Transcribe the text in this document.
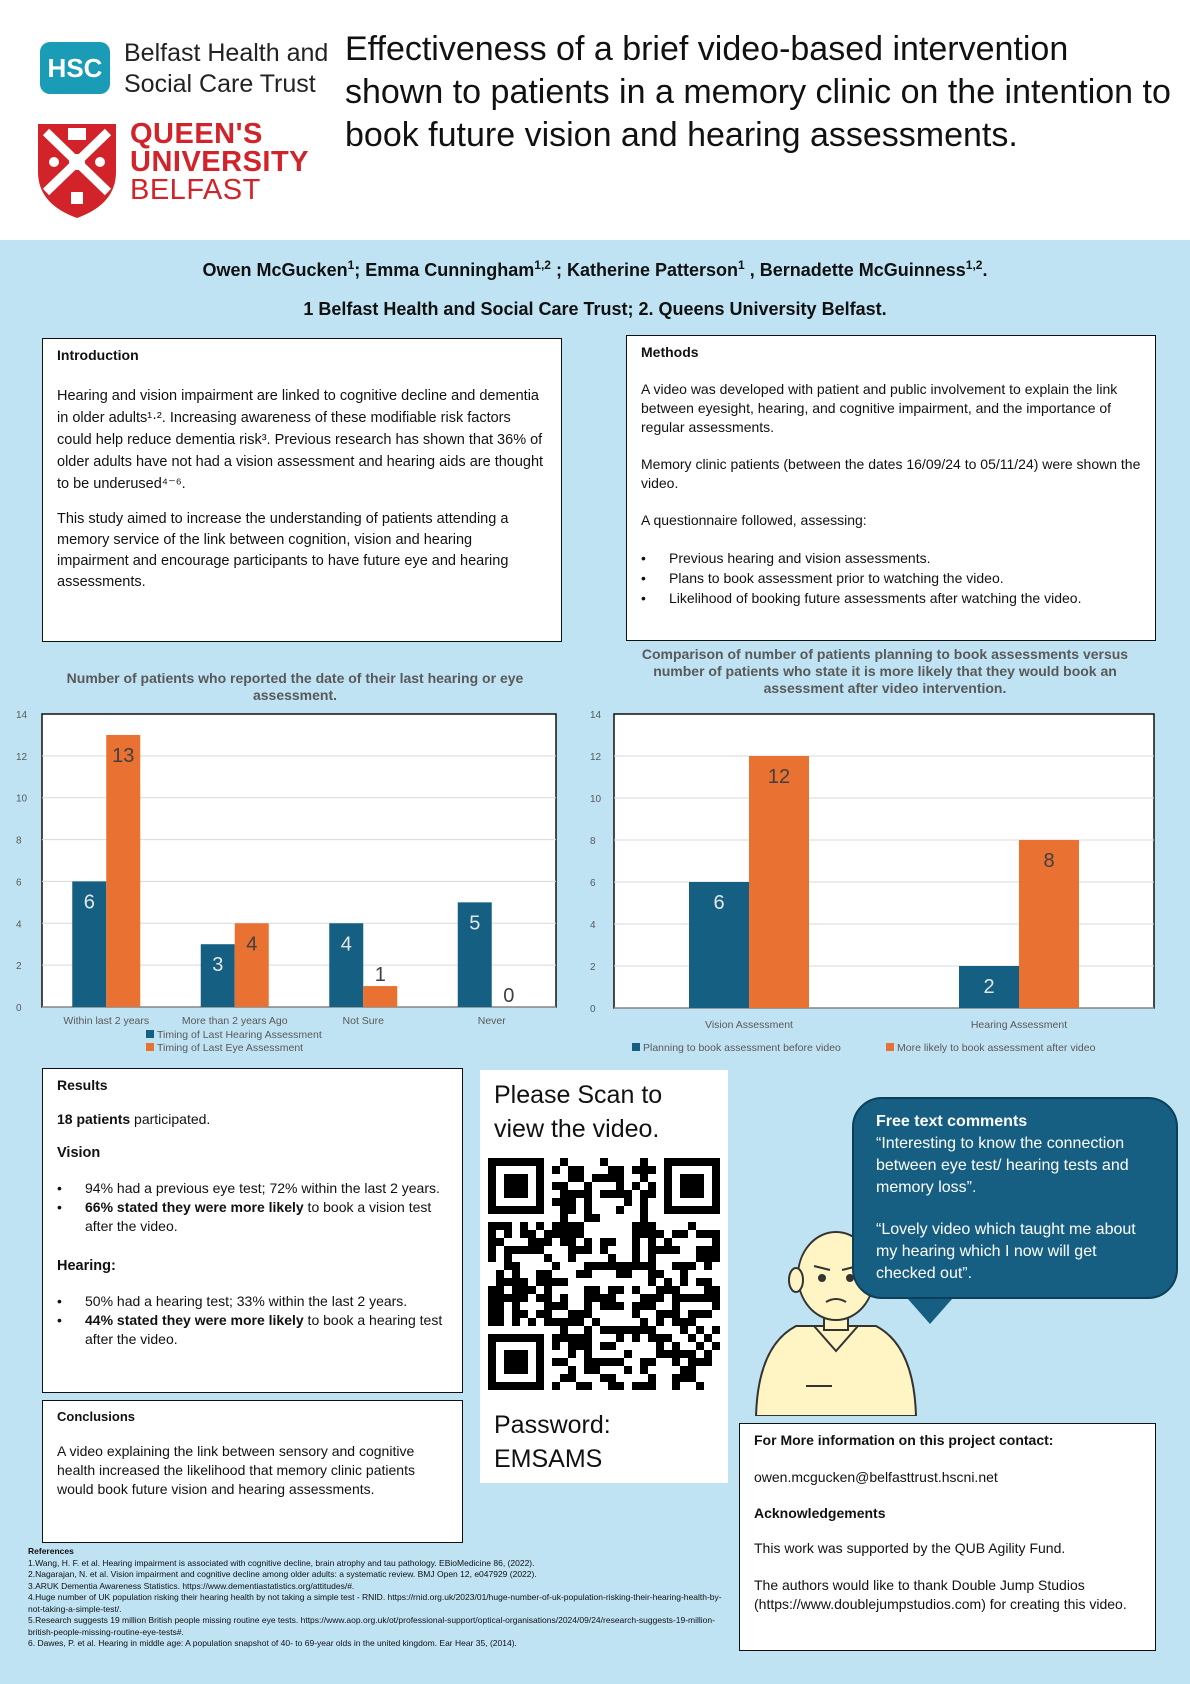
HSC Belfast Health and Social Care Trust
QUEEN'S
UNIVERSITY
BELFAST
Effectiveness of a brief video-based intervention shown to patients in a memory clinic on the intention to book future vision and hearing assessments.
Owen McGucken$^1$; Emma Cunningham$^{1,2}$ ; Katherine Patterson$^1$ , Bernadette McGuinness$^{1,2}$.
1 Belfast Health and Social Care Trust; 2. Queens University Belfast.
Introduction

Hearing and vision impairment are linked to cognitive decline and dementia in older adults¹·². Increasing awareness of these modifiable risk factors could help reduce dementia risk³. Previous research has shown that 36% of older adults have not had a vision assessment and hearing aids are thought to be underused⁴⁻⁶.

This study aimed to increase the understanding of patients attending a memory service of the link between cognition, vision and hearing impairment and encourage participants to have future eye and hearing assessments.

Methods

A video was developed with patient and public involvement to explain the link between eyesight, hearing, and cognitive impairment, and the importance of regular assessments.

Memory clinic patients (between the dates 16/09/24 to 05/11/24) were shown the video.

A questionnaire followed, assessing:

• Previous hearing and vision assessments.
• Plans to book assessment prior to watching the video.
• Likelihood of booking future assessments after watching the video.
Number of patients who reported the date of their last hearing or eye assessment.
Comparison of number of patients planning to book assessments versus number of patients who state it is more likely that they would book an assessment after video intervention.
0
2
4
6
8
10
12
14
6
13
Within last 2 years
3
4
More than 2 years Ago
4
1
Not Sure
5
0
Never
Timing of Last Hearing Assessment
Timing of Last Eye Assessment
0
2
4
6
8
10
12
14
6
12
Vision Assessment
2
8
Hearing Assessment
Planning to book assessment before video	More likely to book assessment after video
Results
18 patients participated.
Vision
• 94% had a previous eye test; 72% within the last 2 years.
• 66% stated they were more likely to book a vision test after the video.
Hearing:
• 50% had a hearing test; 33% within the last 2 years.
• 44% stated they were more likely to book a hearing test after the video.
Conclusions

A video explaining the link between sensory and cognitive health increased the likelihood that memory clinic patients would book future vision and hearing assessments.

Please Scan to view the video.
Password:
EMSAMS
Free text comments

“Interesting to know the connection between eye test/ hearing tests and memory loss”.

“Lovely video which taught me about my hearing which I now will get checked out”.

For More information on this project contact:

owen.mcgucken@belfasttrust.hscni.net

Acknowledgements

This work was supported by the QUB Agility Fund.

The authors would like to thank Double Jump Studios (https://www.doublejumpstudios.com) for creating this video.

References
1.Wang, H. F. et al. Hearing impairment is associated with cognitive decline, brain atrophy and tau pathology. EBioMedicine 86, (2022).
2.Nagarajan, N. et al. Vision impairment and cognitive decline among older adults: a systematic review. BMJ Open 12, e047929 (2022).
3.ARUK Dementia Awareness Statistics. https://www.dementiastatistics.org/attitudes/#.
4.Huge number of UK population risking their hearing health by not taking a simple test - RNID. https://rnid.org.uk/2023/01/huge-number-of-uk-population-risking-their-hearing-health-by-not-taking-a-simple-test/.
5.Research suggests 19 million British people missing routine eye tests. https://www.aop.org.uk/ot/professional-support/optical-organisations/2024/09/24/research-suggests-19-million-british-people-missing-routine-eye-tests#.
6. Dawes, P. et al. Hearing in middle age: A population snapshot of 40- to 69-year olds in the united kingdom. Ear Hear 35, (2014).
